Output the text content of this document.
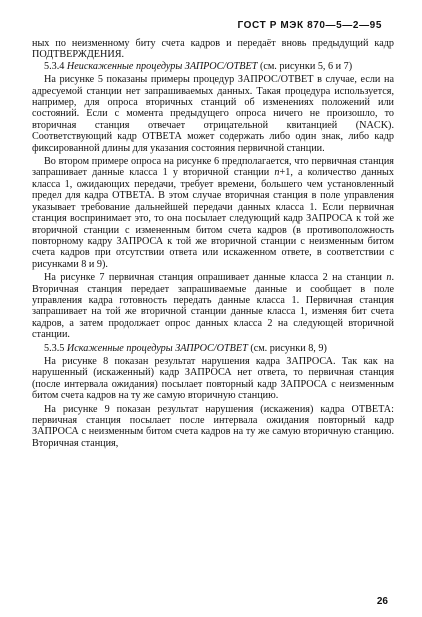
ГОСТ Р МЭК 870—5—2—95

ных по неизменному биту счета кадров и передаёт вновь предыдущий кадр ПОДТВЕРЖДЕНИЯ.

5.3.4 Неискаженные процедуры ЗАПРОС/ОТВЕТ (см. рисунки 5, 6 и 7)

На рисунке 5 показаны примеры процедур ЗАПРОС/ОТВЕТ в случае, если на адресуемой станции нет запрашиваемых данных. Такая процедура используется, например, для опроса вторичных станций об изменениях положений или состояний. Если с момента предыдущего опроса ничего не произошло, то вторичная станция отвечает отрицательной квитанцией (NACK). Соответствующий кадр ОТВЕТА может содержать либо один знак, либо кадр фиксированной длины для указания состояния первичной станции.

Во втором примере опроса на рисунке 6 предполагается, что первичная станция запрашивает данные класса 1 у вторичной станции n+1, а количество данных класса 1, ожидающих передачи, требует времени, большего чем установленный предел для кадра ОТВЕТА. В этом случае вторичная станция в поле управления указывает требование дальнейшей передачи данных класса 1. Если первичная станция воспринимает это, то она посылает следующий кадр ЗАПРОСА к той же вторичной станции с измененным битом счета кадров (в противоположность повторному кадру ЗАПРОСА к той же вторичной станции с неизменным битом счета кадров при отсутствии ответа или искаженном ответе, в соответствии с рисунками 8 и 9).

На рисунке 7 первичная станция опрашивает данные класса 2 на станции n. Вторичная станция передает запрашиваемые данные и сообщает в поле управления кадра готовность передать данные класса 1. Первичная станция запрашивает на той же вторичной станции данные класса 1, изменяя бит счета кадров, а затем продолжает опрос данных класса 2 на следующей вторичной станции.

5.3.5 Искаженные процедуры ЗАПРОС/ОТВЕТ (см. рисунки 8, 9)

На рисунке 8 показан результат нарушения кадра ЗАПРОСА. Так как на нарушенный (искаженный) кадр ЗАПРОСА нет ответа, то первичная станция (после интервала ожидания) посылает повторный кадр ЗАПРОСА с неизменным битом счета кадров на ту же самую вторичную станцию.

На рисунке 9 показан результат нарушения (искажения) кадра ОТВЕТА: первичная станция посылает после интервала ожидания повторный кадр ЗАПРОСА с неизменным битом счета кадров на ту же самую вторичную станцию. Вторичная станция,

26
